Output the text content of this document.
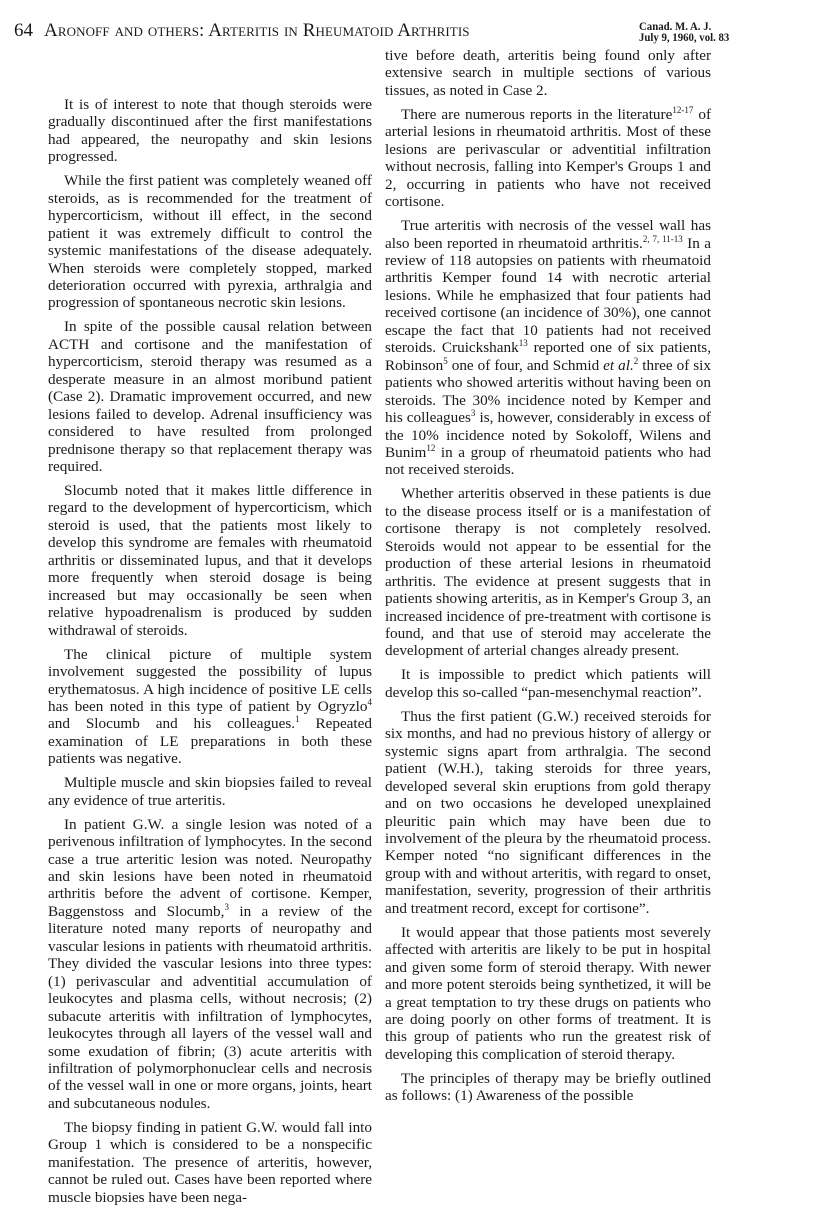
64 Aronoff and others: Arteritis in Rheumatoid Arthritis	Canad. M. A. J.
July 9, 1960, vol. 83

It is of interest to note that though steroids were gradually discontinued after the first manifestations had appeared, the neuropathy and skin lesions progressed.

While the first patient was completely weaned off steroids, as is recommended for the treatment of hypercorticism, without ill effect, in the second patient it was extremely difficult to control the systemic manifestations of the disease adequately. When steroids were completely stopped, marked deterioration occurred with pyrexia, arthralgia and progression of spontaneous necrotic skin lesions.

In spite of the possible causal relation between ACTH and cortisone and the manifestation of hypercorticism, steroid therapy was resumed as a desperate measure in an almost moribund patient (Case 2). Dramatic improvement occurred, and new lesions failed to develop. Adrenal insufficiency was considered to have resulted from prolonged prednisone therapy so that replacement therapy was required.

Slocumb noted that it makes little difference in regard to the development of hypercorticism, which steroid is used, that the patients most likely to develop this syndrome are females with rheumatoid arthritis or disseminated lupus, and that it develops more frequently when steroid dosage is being increased but may occasionally be seen when relative hypoadrenalism is produced by sudden withdrawal of steroids.

The clinical picture of multiple system involvement suggested the possibility of lupus erythematosus. A high incidence of positive LE cells has been noted in this type of patient by Ogryzlo$^4$ and Slocumb and his colleagues.$^1$ Repeated examination of LE preparations in both these patients was negative.

Multiple muscle and skin biopsies failed to reveal any evidence of true arteritis.

In patient G.W. a single lesion was noted of a perivenous infiltration of lymphocytes. In the second case a true arteritic lesion was noted. Neuropathy and skin lesions have been noted in rheumatoid arthritis before the advent of cortisone. Kemper, Baggenstoss and Slocumb,$^3$ in a review of the literature noted many reports of neuropathy and vascular lesions in patients with rheumatoid arthritis. They divided the vascular lesions into three types: (1) perivascular and adventitial accumulation of leukocytes and plasma cells, without necrosis; (2) subacute arteritis with infiltration of lymphocytes, leukocytes through all layers of the vessel wall and some exudation of fibrin; (3) acute arteritis with infiltration of polymorphonuclear cells and necrosis of the vessel wall in one or more organs, joints, heart and subcutaneous nodules.

The biopsy finding in patient G.W. would fall into Group 1 which is considered to be a nonspecific manifestation. The presence of arteritis, however, cannot be ruled out. Cases have been reported where muscle biopsies have been nega-

tive before death, arteritis being found only after extensive search in multiple sections of various tissues, as noted in Case 2.

There are numerous reports in the literature$^{12-17}$ of arterial lesions in rheumatoid arthritis. Most of these lesions are perivascular or adventitial infiltration without necrosis, falling into Kemper's Groups 1 and 2, occurring in patients who have not received cortisone.

True arteritis with necrosis of the vessel wall has also been reported in rheumatoid arthritis.$^{2, 7, 11-13}$ In a review of 118 autopsies on patients with rheumatoid arthritis Kemper found 14 with necrotic arterial lesions. While he emphasized that four patients had received cortisone (an incidence of 30%), one cannot escape the fact that 10 patients had not received steroids. Cruickshank$^{13}$ reported one of six patients, Robinson$^5$ one of four, and Schmid et al.$^2$ three of six patients who showed arteritis without having been on steroids. The 30% incidence noted by Kemper and his colleagues$^3$ is, however, considerably in excess of the 10% incidence noted by Sokoloff, Wilens and Bunim$^{12}$ in a group of rheumatoid patients who had not received steroids.

Whether arteritis observed in these patients is due to the disease process itself or is a manifestation of cortisone therapy is not completely resolved. Steroids would not appear to be essential for the production of these arterial lesions in rheumatoid arthritis. The evidence at present suggests that in patients showing arteritis, as in Kemper's Group 3, an increased incidence of pre-treatment with cortisone is found, and that use of steroid may accelerate the development of arterial changes already present.

It is impossible to predict which patients will develop this so-called “pan-mesenchymal reaction”.

Thus the first patient (G.W.) received steroids for six months, and had no previous history of allergy or systemic signs apart from arthralgia. The second patient (W.H.), taking steroids for three years, developed several skin eruptions from gold therapy and on two occasions he developed unexplained pleuritic pain which may have been due to involvement of the pleura by the rheumatoid process. Kemper noted “no significant differences in the group with and without arteritis, with regard to onset, manifestation, severity, progression of their arthritis and treatment record, except for cortisone”.

It would appear that those patients most severely affected with arteritis are likely to be put in hospital and given some form of steroid therapy. With newer and more potent steroids being synthetized, it will be a great temptation to try these drugs on patients who are doing poorly on other forms of treatment. It is this group of patients who run the greatest risk of developing this complication of steroid therapy.

The principles of therapy may be briefly outlined as follows: (1) Awareness of the possible
